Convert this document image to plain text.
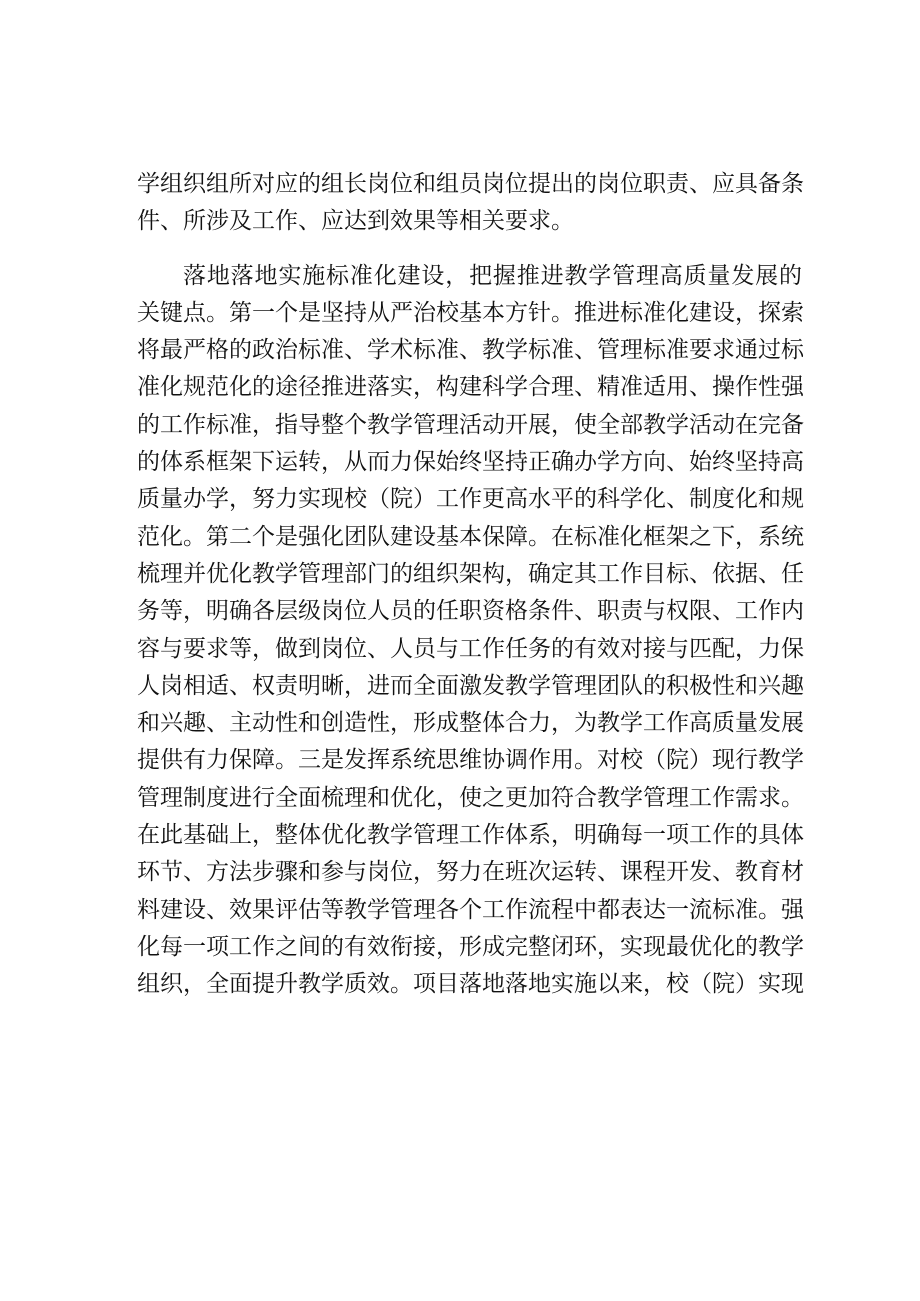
学组织组所对应的组长岗位和组员岗位提出的岗位职责、应具备条
件、所涉及工作、应达到效果等相关要求。
落地落地实施标准化建设，把握推进教学管理高质量发展的
关键点。第一个是坚持从严治校基本方针。推进标准化建设，探索
将最严格的政治标准、学术标准、教学标准、管理标准要求通过标
准化规范化的途径推进落实，构建科学合理、精准适用、操作性强
的工作标准，指导整个教学管理活动开展，使全部教学活动在完备
的体系框架下运转，从而力保始终坚持正确办学方向、始终坚持高
质量办学，努力实现校（院）工作更高水平的科学化、制度化和规
范化。第二个是强化团队建设基本保障。在标准化框架之下，系统
梳理并优化教学管理部门的组织架构，确定其工作目标、依据、任
务等，明确各层级岗位人员的任职资格条件、职责与权限、工作内
容与要求等，做到岗位、人员与工作任务的有效对接与匹配，力保
人岗相适、权责明晰，进而全面激发教学管理团队的积极性和兴趣
和兴趣、主动性和创造性，形成整体合力，为教学工作高质量发展
提供有力保障。三是发挥系统思维协调作用。对校（院）现行教学
管理制度进行全面梳理和优化，使之更加符合教学管理工作需求。
在此基础上，整体优化教学管理工作体系，明确每一项工作的具体
环节、方法步骤和参与岗位，努力在班次运转、课程开发、教育材
料建设、效果评估等教学管理各个工作流程中都表达一流标准。强
化每一项工作之间的有效衔接，形成完整闭环，实现最优化的教学
组织，全面提升教学质效。项目落地落地实施以来，校（院）实现
